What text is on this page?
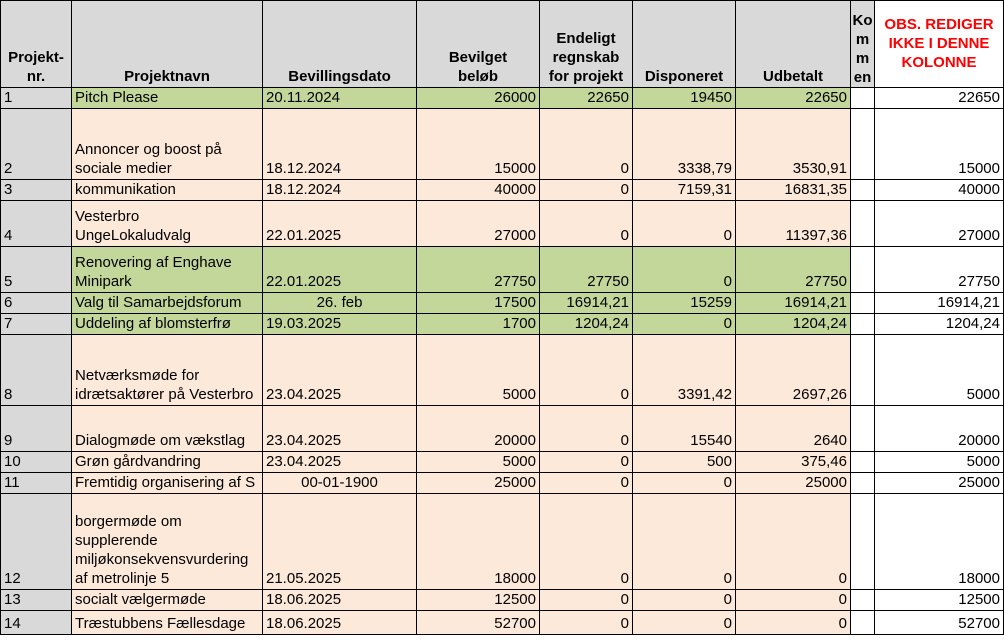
Projekt-
nr.	Projektnavn	Bevillingsdato	Bevilget
beløb	Endeligt
regnskab
for projekt	Disponeret	Udbetalt	Ko
m
m
en	OBS. REDIGER
IKKE I DENNE
KOLONNE
1	Pitch Please	20.11.2024	26000	22650	19450	22650		22650
2	Annoncer og boost på sociale medier	18.12.2024	15000	0	3338,79	3530,91		15000
3	kommunikation	18.12.2024	40000	0	7159,31	16831,35		40000
4	Vesterbro UngeLokaludvalg	22.01.2025	27000	0	0	11397,36		27000
5	Renovering af Enghave Minipark	22.01.2025	27750	27750	0	27750		27750
6	Valg til Samarbejdsforum	26. feb	17500	16914,21	15259	16914,21		16914,21
7	Uddeling af blomsterfrø	19.03.2025	1700	1204,24	0	1204,24		1204,24
8	Netværksmøde for idrætsaktører på Vesterbro	23.04.2025	5000	0	3391,42	2697,26		5000
9	Dialogmøde om vækstlag	23.04.2025	20000	0	15540	2640		20000
10	Grøn gårdvandring	23.04.2025	5000	0	500	375,46		5000
11	Fremtidig organisering af S	00-01-1900	25000	0	0	25000		25000
12	borgermøde om supplerende miljøkonsekvensvurdering af metrolinje 5	21.05.2025	18000	0	0	0		18000
13	socialt vælgermøde	18.06.2025	12500	0	0	0		12500
14	Træstubbens Fællesdage	18.06.2025	52700	0	0	0		52700
